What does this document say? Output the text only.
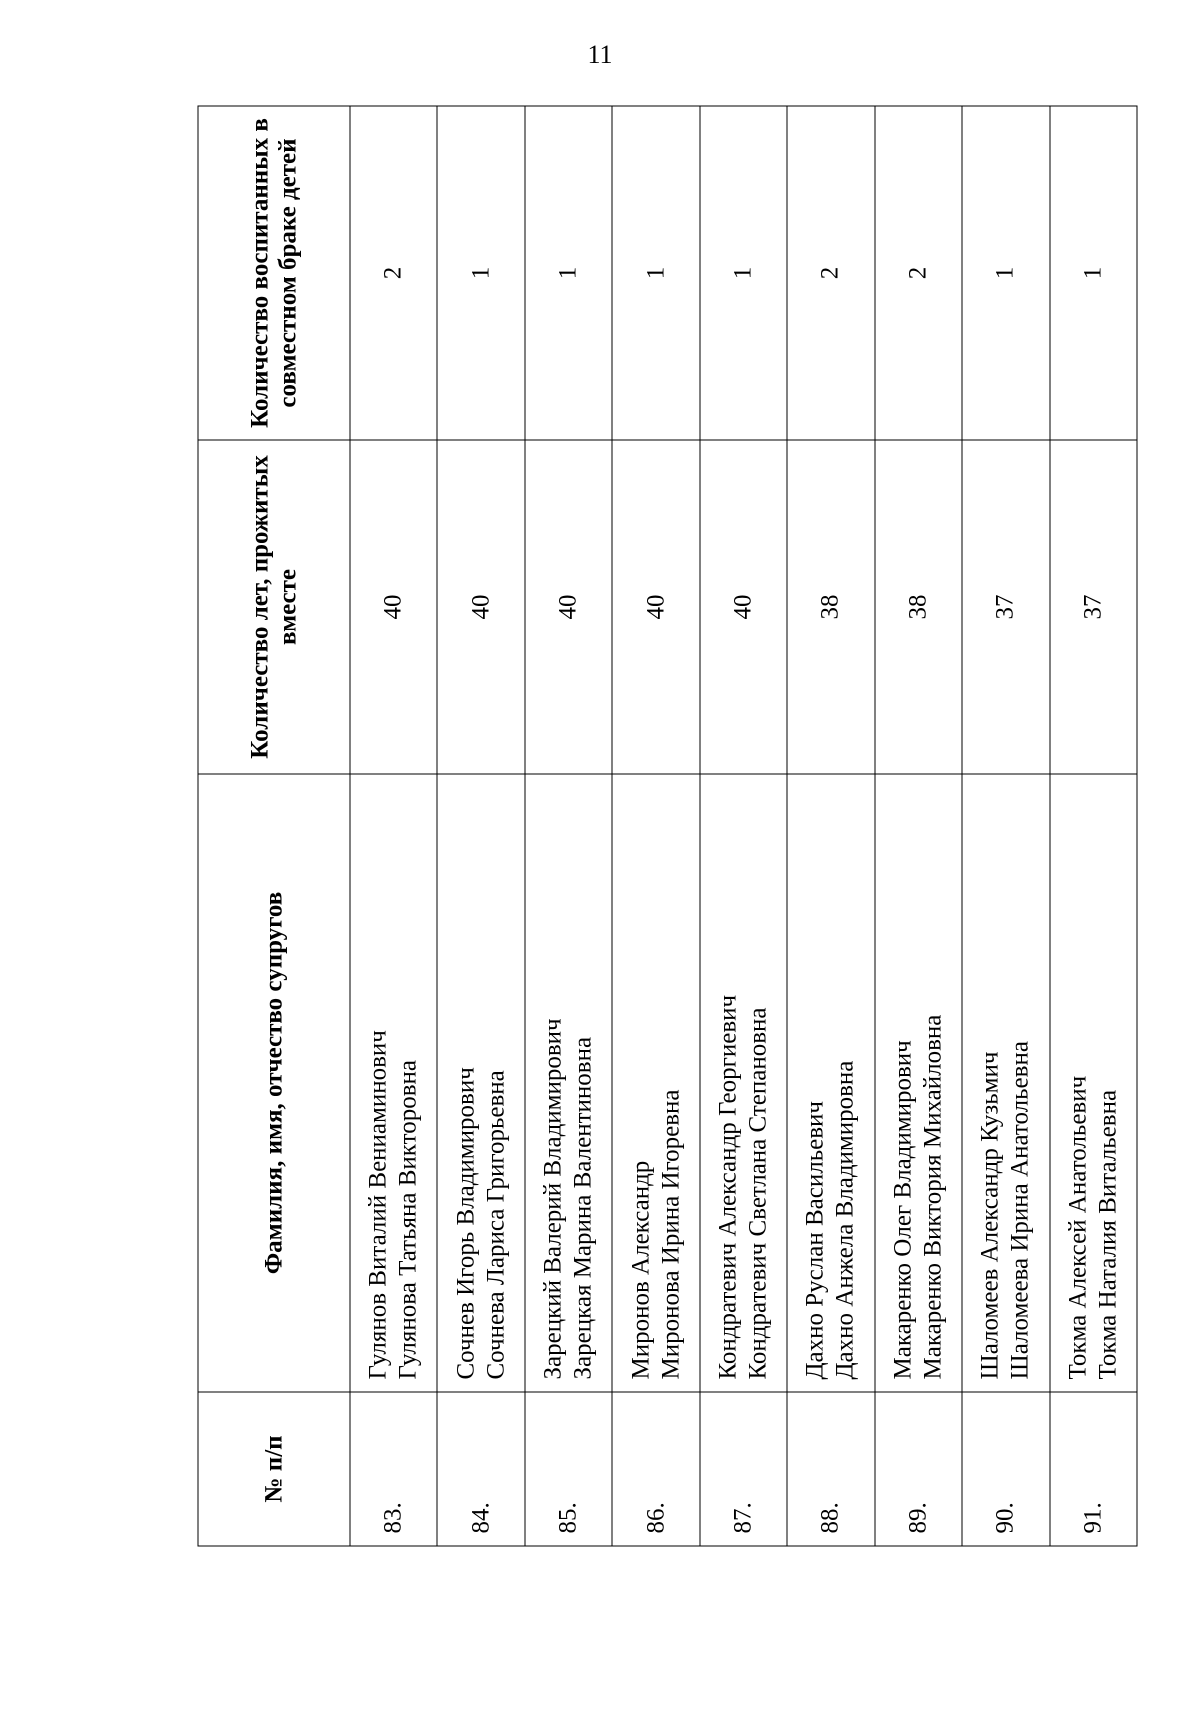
11
№ п/п	Фамилия, имя, отчество супругов	Количество лет, прожитых вместе	Количество воспитанных в совместном браке детей
83.	Гулянов Виталий Вениаминович Гулянова Татьяна Викторовна	40	2
84.	Сочнев Игорь Владимирович Сочнева Лариса Григорьевна	40	1
85.	Зарецкий Валерий Владимирович Зарецкая Марина Валентиновна	40	1
86.	Миронов Александр Миронова Ирина Игоревна	40	1
87.	Кондратевич Александр Георгиевич Кондратевич Светлана Степановна	40	1
88.	Дахно Руслан Васильевич Дахно Анжела Владимировна	38	2
89.	Макаренко Олег Владимирович Макаренко Виктория Михайловна	38	2
90.	Шаломеев Александр Кузьмич Шаломеева Ирина Анатольевна	37	1
91.	Токма Алексей Анатольевич Токма Наталия Витальевна	37	1
